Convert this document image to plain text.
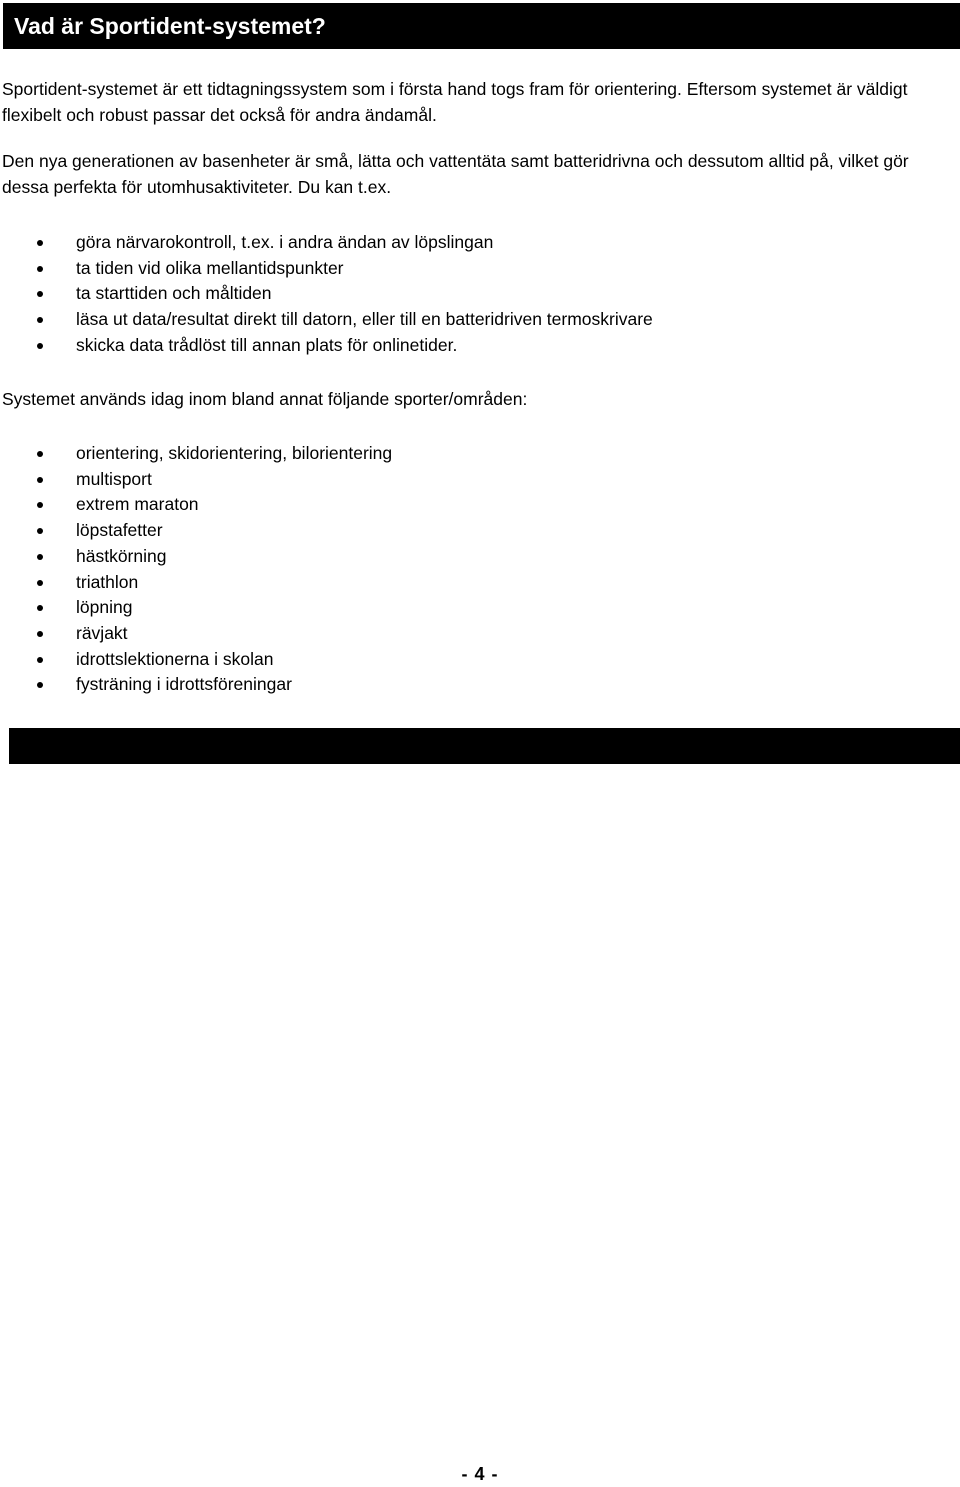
Vad är Sportident-systemet?

Sportident-systemet är ett tidtagningssystem som i första hand togs fram för orientering. Eftersom systemet är väldigt flexibelt och robust passar det också för andra ändamål.

Den nya generationen av basenheter är små, lätta och vattentäta samt batteridrivna och dessutom alltid på, vilket gör dessa perfekta för utomhusaktiviteter. Du kan t.ex.

göra närvarokontroll, t.ex. i andra ändan av löpslingan
ta tiden vid olika mellantidspunkter
ta starttiden och måltiden
läsa ut data/resultat direkt till datorn, eller till en batteridriven termoskrivare
skicka data trådlöst till annan plats för onlinetider.

Systemet används idag inom bland annat följande sporter/områden:

orientering, skidorientering, bilorientering
multisport
extrem maraton
löpstafetter
hästkörning
triathlon
löpning
rävjakt
idrottslektionerna i skolan
fysträning i idrottsföreningar

- 4 -
